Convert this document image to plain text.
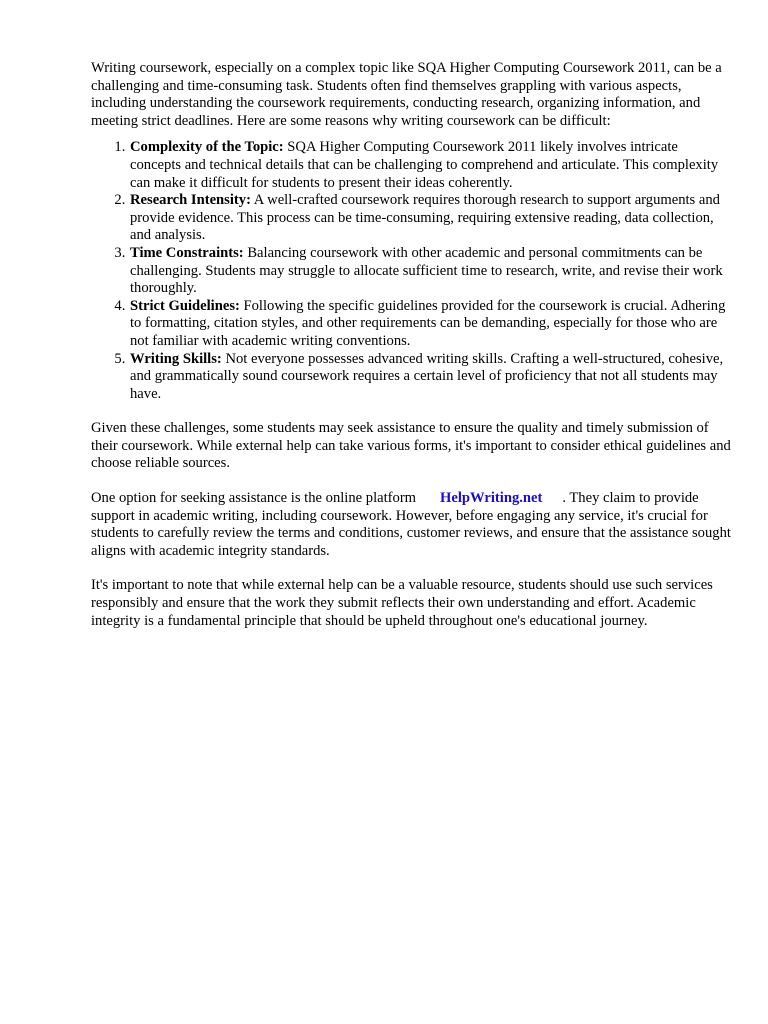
Writing coursework, especially on a complex topic like SQA Higher Computing Coursework 2011, can be a challenging and time-consuming task. Students often find themselves grappling with various aspects, including understanding the coursework requirements, conducting research, organizing information, and meeting strict deadlines. Here are some reasons why writing coursework can be difficult:

1. Complexity of the Topic: SQA Higher Computing Coursework 2011 likely involves intricate concepts and technical details that can be challenging to comprehend and articulate. This complexity can make it difficult for students to present their ideas coherently.
2. Research Intensity: A well-crafted coursework requires thorough research to support arguments and provide evidence. This process can be time-consuming, requiring extensive reading, data collection, and analysis.
3. Time Constraints: Balancing coursework with other academic and personal commitments can be challenging. Students may struggle to allocate sufficient time to research, write, and revise their work thoroughly.
4. Strict Guidelines: Following the specific guidelines provided for the coursework is crucial. Adhering to formatting, citation styles, and other requirements can be demanding, especially for those who are not familiar with academic writing conventions.
5. Writing Skills: Not everyone possesses advanced writing skills. Crafting a well-structured, cohesive, and grammatically sound coursework requires a certain level of proficiency that not all students may have.

Given these challenges, some students may seek assistance to ensure the quality and timely submission of their coursework. While external help can take various forms, it's important to consider ethical guidelines and choose reliable sources.

One option for seeking assistance is the online platform HelpWriting.net . They claim to provide support in academic writing, including coursework. However, before engaging any service, it's crucial for students to carefully review the terms and conditions, customer reviews, and ensure that the assistance sought aligns with academic integrity standards.

It's important to note that while external help can be a valuable resource, students should use such services responsibly and ensure that the work they submit reflects their own understanding and effort. Academic integrity is a fundamental principle that should be upheld throughout one's educational journey.
